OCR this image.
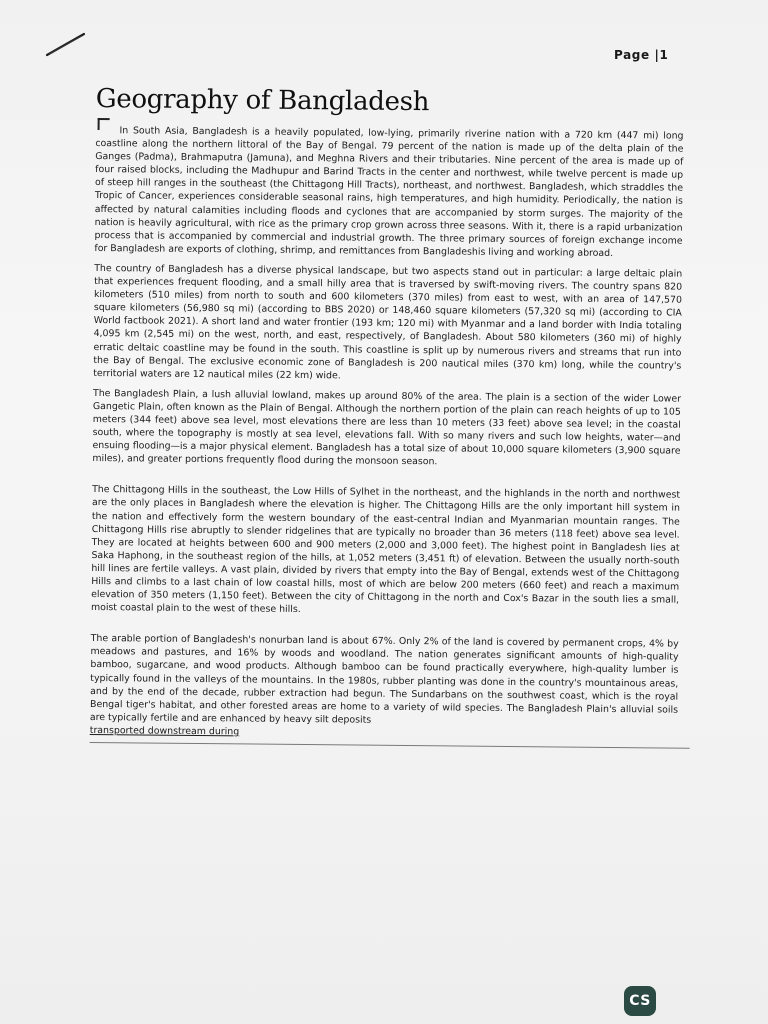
Page |1
Geography of Bangladesh

In South Asia, Bangladesh is a heavily populated, low-lying, primarily riverine nation with a 720 km (447 mi) long coastline along the northern littoral of the Bay of Bengal. 79 percent of the nation is made up of the delta plain of the Ganges (Padma), Brahmaputra (Jamuna), and Meghna Rivers and their tributaries. Nine percent of the area is made up of four raised blocks, including the Madhupur and Barind Tracts in the center and northwest, while twelve percent is made up of steep hill ranges in the southeast (the Chittagong Hill Tracts), northeast, and northwest. Bangladesh, which straddles the Tropic of Cancer, experiences considerable seasonal rains, high temperatures, and high humidity. Periodically, the nation is affected by natural calamities including floods and cyclones that are accompanied by storm surges. The majority of the nation is heavily agricultural, with rice as the primary crop grown across three seasons. With it, there is a rapid urbanization process that is accompanied by commercial and industrial growth. The three primary sources of foreign exchange income for Bangladesh are exports of clothing, shrimp, and remittances from Bangladeshis living and working abroad.

The country of Bangladesh has a diverse physical landscape, but two aspects stand out in particular: a large deltaic plain that experiences frequent flooding, and a small hilly area that is traversed by swift-moving rivers. The country spans 820 kilometers (510 miles) from north to south and 600 kilometers (370 miles) from east to west, with an area of 147,570 square kilometers (56,980 sq mi) (according to BBS 2020) or 148,460 square kilometers (57,320 sq mi) (according to CIA World factbook 2021). A short land and water frontier (193 km; 120 mi) with Myanmar and a land border with India totaling 4,095 km (2,545 mi) on the west, north, and east, respectively, of Bangladesh. About 580 kilometers (360 mi) of highly erratic deltaic coastline may be found in the south. This coastline is split up by numerous rivers and streams that run into the Bay of Bengal. The exclusive economic zone of Bangladesh is 200 nautical miles (370 km) long, while the country's territorial waters are 12 nautical miles (22 km) wide.

The Bangladesh Plain, a lush alluvial lowland, makes up around 80% of the area. The plain is a section of the wider Lower Gangetic Plain, often known as the Plain of Bengal. Although the northern portion of the plain can reach heights of up to 105 meters (344 feet) above sea level, most elevations there are less than 10 meters (33 feet) above sea level; in the coastal south, where the topography is mostly at sea level, elevations fall. With so many rivers and such low heights, water—and ensuing flooding—is a major physical element. Bangladesh has a total size of about 10,000 square kilometers (3,900 square miles), and greater portions frequently flood during the monsoon season.

The Chittagong Hills in the southeast, the Low Hills of Sylhet in the northeast, and the highlands in the north and northwest are the only places in Bangladesh where the elevation is higher. The Chittagong Hills are the only important hill system in the nation and effectively form the western boundary of the east-central Indian and Myanmarian mountain ranges. The Chittagong Hills rise abruptly to slender ridgelines that are typically no broader than 36 meters (118 feet) above sea level. They are located at heights between 600 and 900 meters (2,000 and 3,000 feet). The highest point in Bangladesh lies at Saka Haphong, in the southeast region of the hills, at 1,052 meters (3,451 ft) of elevation. Between the usually north-south hill lines are fertile valleys. A vast plain, divided by rivers that empty into the Bay of Bengal, extends west of the Chittagong Hills and climbs to a last chain of low coastal hills, most of which are below 200 meters (660 feet) and reach a maximum elevation of 350 meters (1,150 feet). Between the city of Chittagong in the north and Cox's Bazar in the south lies a small, moist coastal plain to the west of these hills.

The arable portion of Bangladesh's nonurban land is about 67%. Only 2% of the land is covered by permanent crops, 4% by meadows and pastures, and 16% by woods and woodland. The nation generates significant amounts of high-quality bamboo, sugarcane, and wood products. Although bamboo can be found practically everywhere, high-quality lumber is typically found in the valleys of the mountains. In the 1980s, rubber planting was done in the country's mountainous areas, and by the end of the decade, rubber extraction had begun. The Sundarbans on the southwest coast, which is the royal Bengal tiger's habitat, and other forested areas are home to a variety of wild species. The Bangladesh Plain's alluvial soils are typically fertile and are enhanced by heavy silt deposits
transported downstream during

CS
